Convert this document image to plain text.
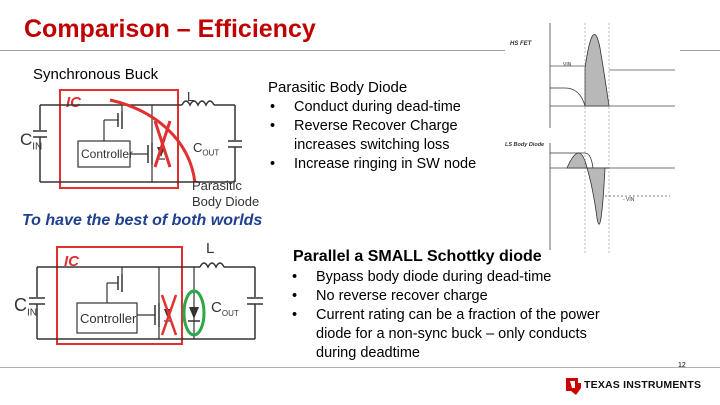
Comparison – Efficiency
Synchronous Buck
IC
Controller
$C_{IN}$
L
$C_{OUT}$
Parasitic Body Diode
• Conduct during dead-time
• Reverse Recover Charge
increases switching loss
• Increase ringing in SW node
Parasitic
Body Diode
HS FET
LS Body Diode
VIN
- VIN
To have the best of both worlds
IC
Controller
$C_{IN}$
L
$C_{OUT}$
Parallel a SMALL Schottky diode
• Bypass body diode during dead-time
• No reverse recover charge
• Current rating can be a fraction of the power
diode for a non-sync buck – only conducts
during deadtime
12
TEXAS INSTRUMENTS
